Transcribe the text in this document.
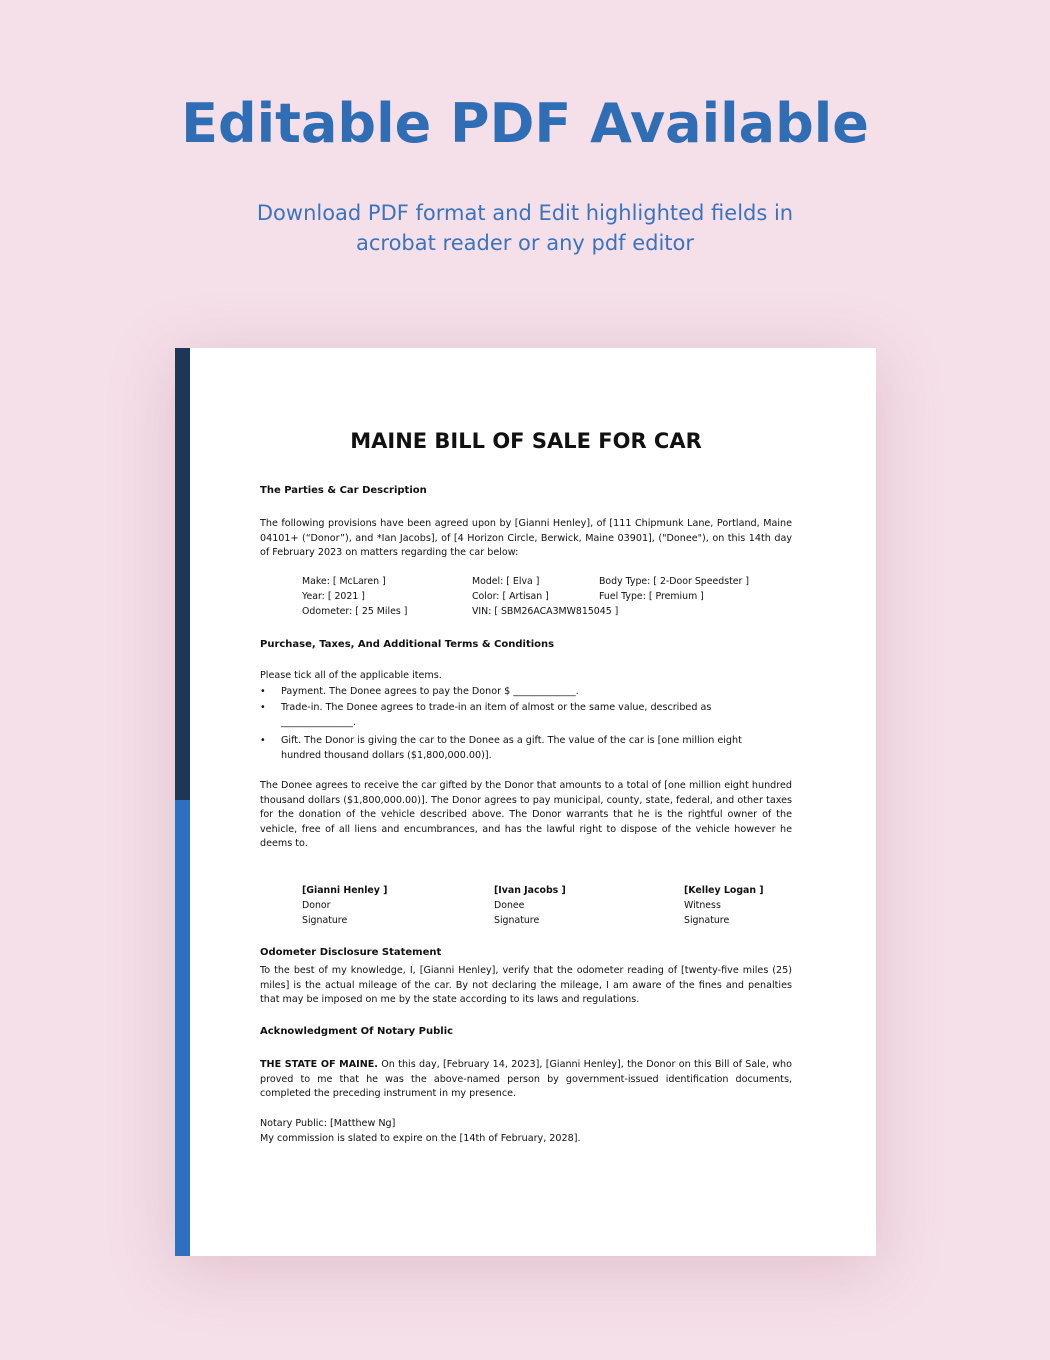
Editable PDF Available
Download PDF format and Edit highlighted fields in acrobat reader or any pdf editor
MAINE BILL OF SALE FOR CAR
The Parties & Car Description
The following provisions have been agreed upon by [Gianni Henley], of [111 Chipmunk Lane, Portland, Maine 04101+ (“Donor”), and *Ian Jacobs], of [4 Horizon Circle, Berwick, Maine 03901], ("Donee"), on this 14th day of February 2023 on matters regarding the car below:
Make: [ McLaren ]
Year: [ 2021 ]
Odometer: [ 25 Miles ]
Model: [ Elva ]
Color: [ Artisan ]
VIN: [ SBM26ACA3MW815045 ]
Body Type: [ 2-Door Speedster ]
Fuel Type: [ Premium ]
Purchase, Taxes, And Additional Terms & Conditions
Please tick all of the applicable items.
• Payment. The Donee agrees to pay the Donor $ _____________.
• Trade-in. The Donee agrees to trade-in an item of almost or the same value, described as _______________.
• Gift. The Donor is giving the car to the Donee as a gift. The value of the car is [one million eight hundred thousand dollars ($1,800,000.00)].
The Donee agrees to receive the car gifted by the Donor that amounts to a total of [one million eight hundred thousand dollars ($1,800,000.00)]. The Donor agrees to pay municipal, county, state, federal, and other taxes for the donation of the vehicle described above. The Donor warrants that he is the rightful owner of the vehicle, free of all liens and encumbrances, and has the lawful right to dispose of the vehicle however he deems to.
[Gianni Henley ]
Donor
Signature
[Ivan Jacobs ]
Donee
Signature
[Kelley Logan ]
Witness
Signature
Odometer Disclosure Statement
To the best of my knowledge, I, [Gianni Henley], verify that the odometer reading of [twenty-five miles (25) miles] is the actual mileage of the car. By not declaring the mileage, I am aware of the fines and penalties that may be imposed on me by the state according to its laws and regulations.
Acknowledgment Of Notary Public
THE STATE OF MAINE. On this day, [February 14, 2023], [Gianni Henley], the Donor on this Bill of Sale, who proved to me that he was the above-named person by government-issued identification documents, completed the preceding instrument in my presence.
Notary Public: [Matthew Ng]
My commission is slated to expire on the [14th of February, 2028].
